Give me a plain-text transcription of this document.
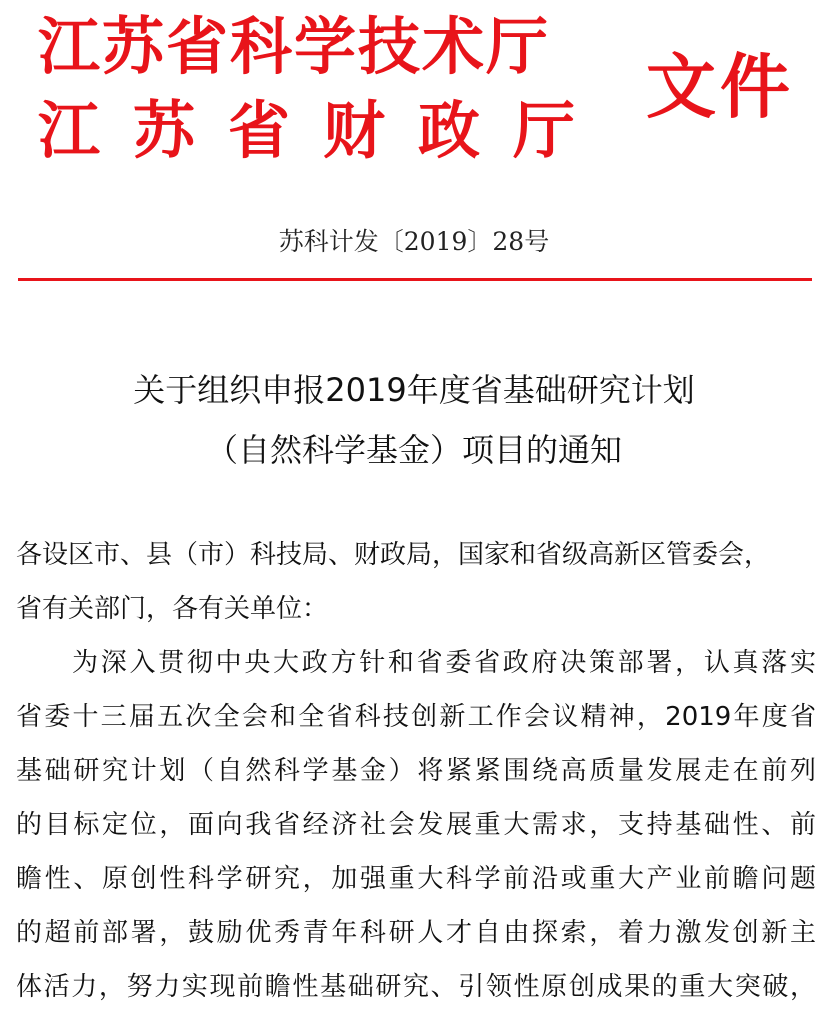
江苏省科学技术厅
江苏省财政厅
文件
苏科计发〔2019〕28号
关于组织申报2019年度省基础研究计划
（自然科学基金）项目的通知
各设区市、县（市）科技局、财政局，国家和省级高新区管委会，
省有关部门，各有关单位：
为深入贯彻中央大政方针和省委省政府决策部署，认真落实
省委十三届五次全会和全省科技创新工作会议精神，2019年度省
基础研究计划（自然科学基金）将紧紧围绕高质量发展走在前列
的目标定位，面向我省经济社会发展重大需求，支持基础性、前
瞻性、原创性科学研究，加强重大科学前沿或重大产业前瞻问题
的超前部署，鼓励优秀青年科研人才自由探索，着力激发创新主
体活力，努力实现前瞻性基础研究、引领性原创成果的重大突破，
